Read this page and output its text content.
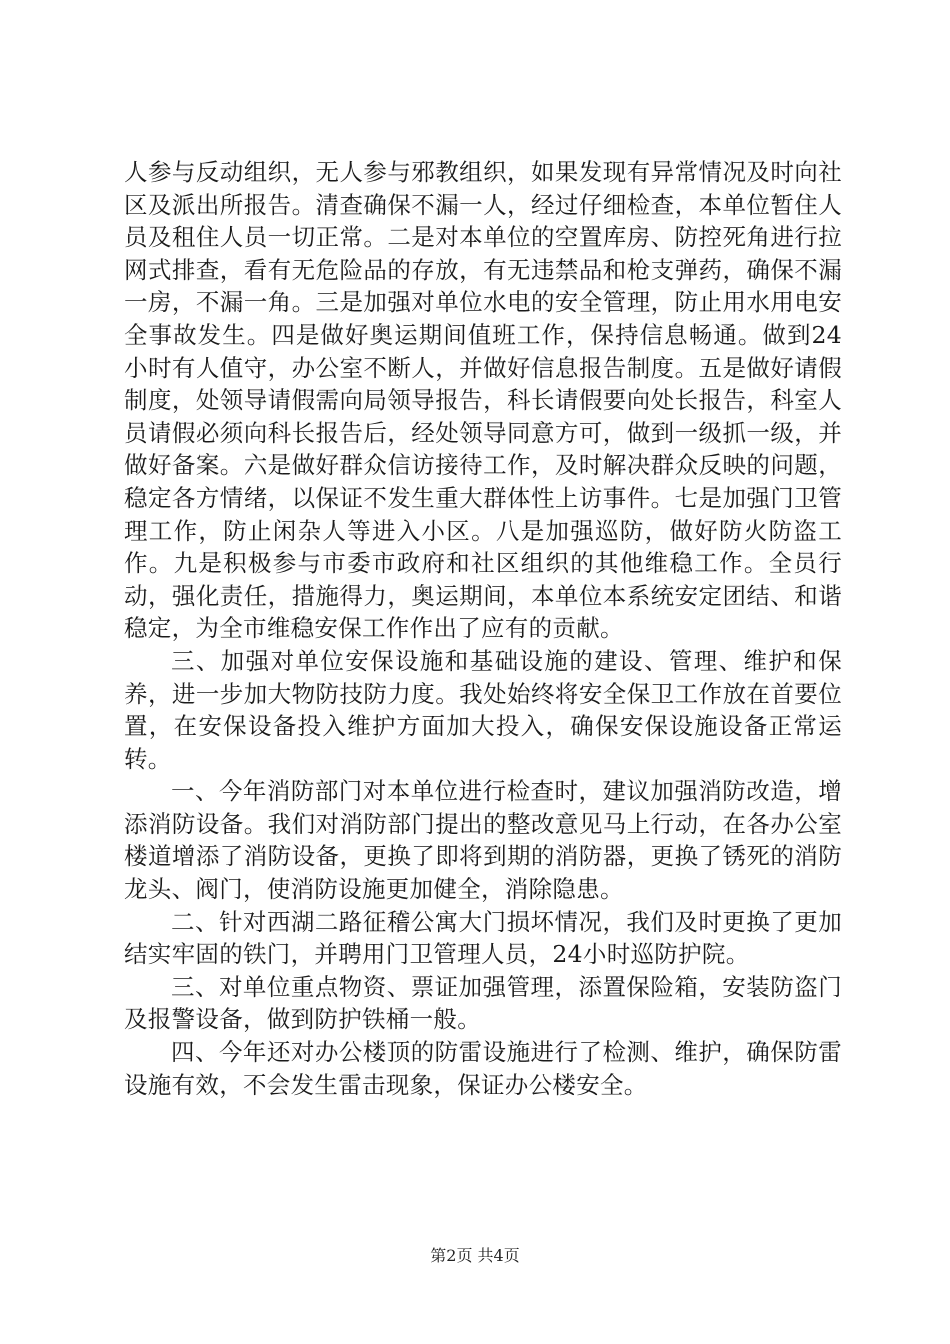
人参与反动组织，无人参与邪教组织，如果发现有异常情况及时向社区及派出所报告。清查确保不漏一人，经过仔细检查，本单位暂住人员及租住人员一切正常。二是对本单位的空置库房、防控死角进行拉网式排查，看有无危险品的存放，有无违禁品和枪支弹药，确保不漏一房，不漏一角。三是加强对单位水电的安全管理，防止用水用电安全事故发生。四是做好奥运期间值班工作，保持信息畅通。做到24小时有人值守，办公室不断人，并做好信息报告制度。五是做好请假制度，处领导请假需向局领导报告，科长请假要向处长报告，科室人员请假必须向科长报告后，经处领导同意方可，做到一级抓一级，并做好备案。六是做好群众信访接待工作，及时解决群众反映的问题，稳定各方情绪，以保证不发生重大群体性上访事件。七是加强门卫管理工作，防止闲杂人等进入小区。八是加强巡防，做好防火防盗工作。九是积极参与市委市政府和社区组织的其他维稳工作。全员行动，强化责任，措施得力，奥运期间，本单位本系统安定团结、和谐稳定，为全市维稳安保工作作出了应有的贡献。

三、加强对单位安保设施和基础设施的建设、管理、维护和保养，进一步加大物防技防力度。我处始终将安全保卫工作放在首要位置，在安保设备投入维护方面加大投入，确保安保设施设备正常运转。

一、今年消防部门对本单位进行检查时，建议加强消防改造，增添消防设备。我们对消防部门提出的整改意见马上行动，在各办公室楼道增添了消防设备，更换了即将到期的消防器，更换了锈死的消防龙头、阀门，使消防设施更加健全，消除隐患。

二、针对西湖二路征稽公寓大门损坏情况，我们及时更换了更加结实牢固的铁门，并聘用门卫管理人员，24小时巡防护院。

三、对单位重点物资、票证加强管理，添置保险箱，安装防盗门及报警设备，做到防护铁桶一般。

四、今年还对办公楼顶的防雷设施进行了检测、维护，确保防雷设施有效，不会发生雷击现象，保证办公楼安全。

第2页 共4页
